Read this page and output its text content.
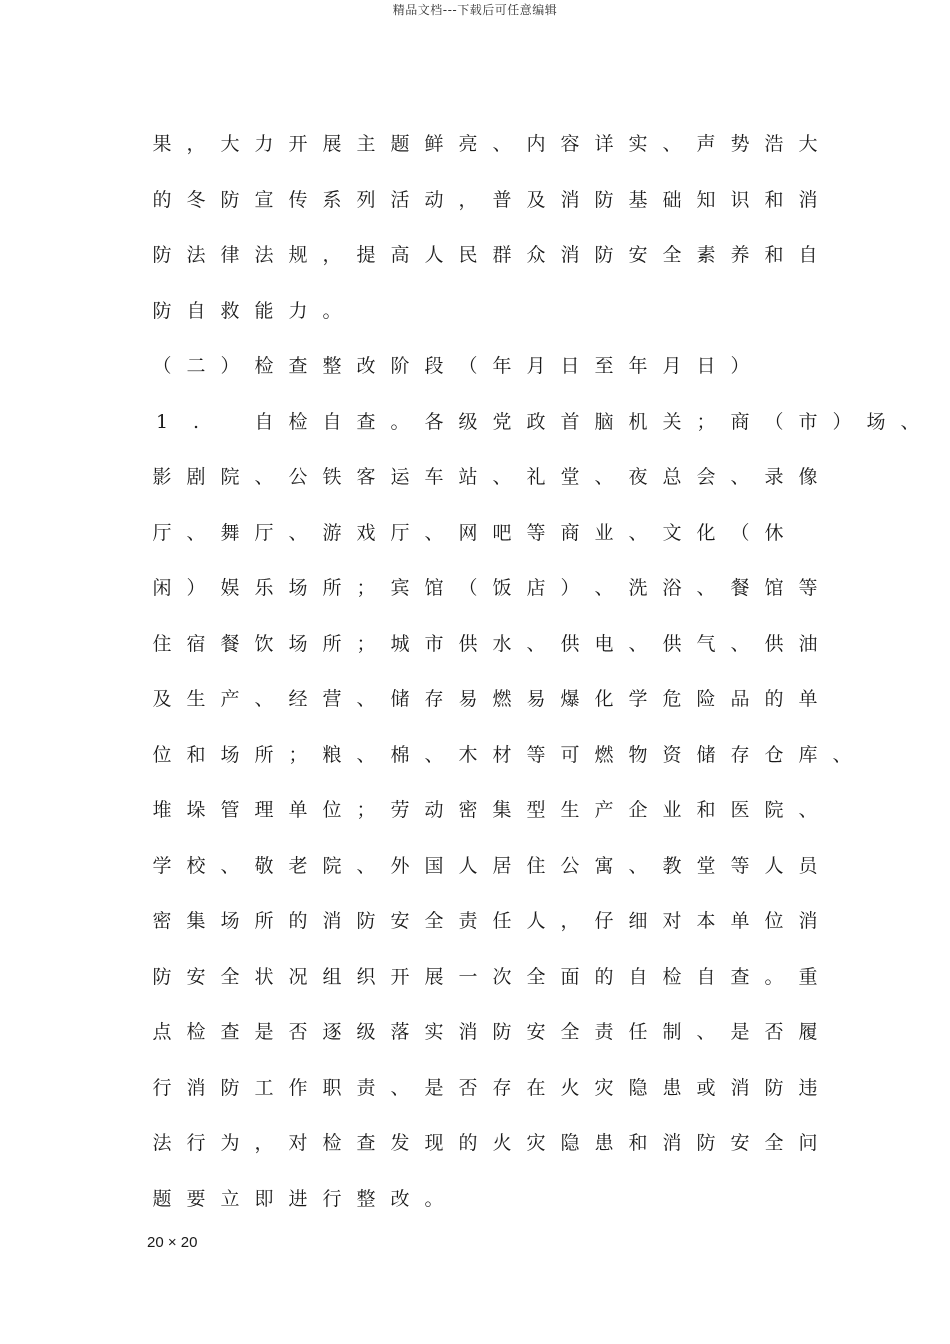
精品文档---下载后可任意编辑
果 ， 大 力 开 展 主 题 鲜 亮 、 内 容 详 实 、 声 势 浩 大
的 冬 防 宣 传 系 列 活 动 ， 普 及 消 防 基 础 知 识 和 消
防 法 律 法 规 ， 提 高 人 民 群 众 消 防 安 全 素 养 和 自
防 自 救 能 力 。
（ 二 ） 检 查 整 改 阶 段 （ 年 月 日 至 年 月 日 ）
1 .	自 检 自 查 。 各 级 党 政 首 脑 机 关 ； 商 （ 市 ） 场 、
影 剧 院 、 公 铁 客 运 车 站 、 礼 堂 、 夜 总 会 、 录 像
厅 、 舞 厅 、 游 戏 厅 、 网 吧 等 商 业 、 文 化 （ 休
闲 ） 娱 乐 场 所 ； 宾 馆 （ 饭 店 ） 、 洗 浴 、 餐 馆 等
住 宿 餐 饮 场 所 ； 城 市 供 水 、 供 电 、 供 气 、 供 油
及 生 产 、 经 营 、 储 存 易 燃 易 爆 化 学 危 险 品 的 单
位 和 场 所 ； 粮 、 棉 、 木 材 等 可 燃 物 资 储 存 仓 库 、
堆 垛 管 理 单 位 ； 劳 动 密 集 型 生 产 企 业 和 医 院 、
学 校 、 敬 老 院 、 外 国 人 居 住 公 寓 、 教 堂 等 人 员
密 集 场 所 的 消 防 安 全 责 任 人 ， 仔 细 对 本 单 位 消
防 安 全 状 况 组 织 开 展 一 次 全 面 的 自 检 自 查 。 重
点 检 查 是 否 逐 级 落 实 消 防 安 全 责 任 制 、 是 否 履
行 消 防 工 作 职 责 、 是 否 存 在 火 灾 隐 患 或 消 防 违
法 行 为 ， 对 检 查 发 现 的 火 灾 隐 患 和 消 防 安 全 问
题 要 立 即 进 行 整 改 。
20 × 20
